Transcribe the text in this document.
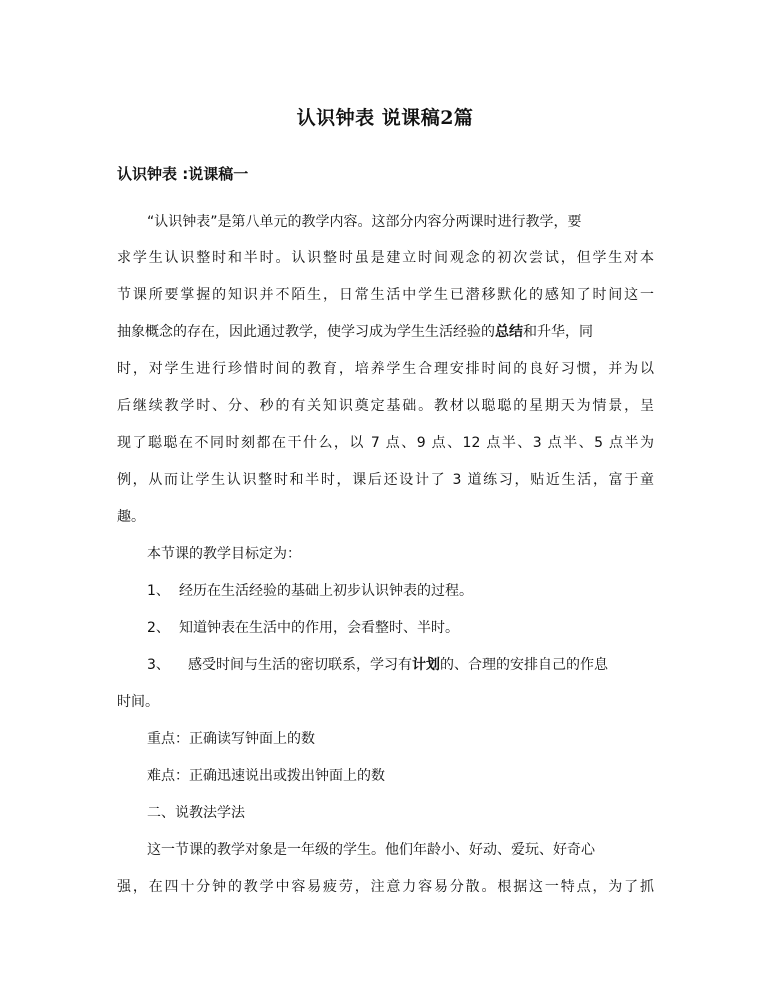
认识钟表 说课稿2篇
认识钟表 :说课稿一
“认识钟表”是第八单元的教学内容。这部分内容分两课时进行教学，要
求学生认识整时和半时。认识整时虽是建立时间观念的初次尝试，但学生对本
节课所要掌握的知识并不陌生，日常生活中学生已潜移默化的感知了时间这一
抽象概念的存在，因此通过教学，使学习成为学生生活经验的总结和升华，同
时，对学生进行珍惜时间的教育，培养学生合理安排时间的良好习惯，并为以
后继续教学时、分、秒的有关知识奠定基础。教材以聪聪的星期天为情景，呈
现了聪聪在不同时刻都在干什么，以 7 点、9 点、12 点半、3 点半、5 点半为
例，从而让学生认识整时和半时，课后还设计了 3 道练习，贴近生活，富于童
趣。
本节课的教学目标定为：
1、 经历在生活经验的基础上初步认识钟表的过程。
2、 知道钟表在生活中的作用，会看整时、半时。
3、 感受时间与生活的密切联系，学习有计划的、合理的安排自己的作息
时间。
重点：正确读写钟面上的数
难点：正确迅速说出或拨出钟面上的数
二、说教法学法
这一节课的教学对象是一年级的学生。他们年龄小、好动、爱玩、好奇心
强，在四十分钟的教学中容易疲劳，注意力容易分散。根据这一特点，为了抓
